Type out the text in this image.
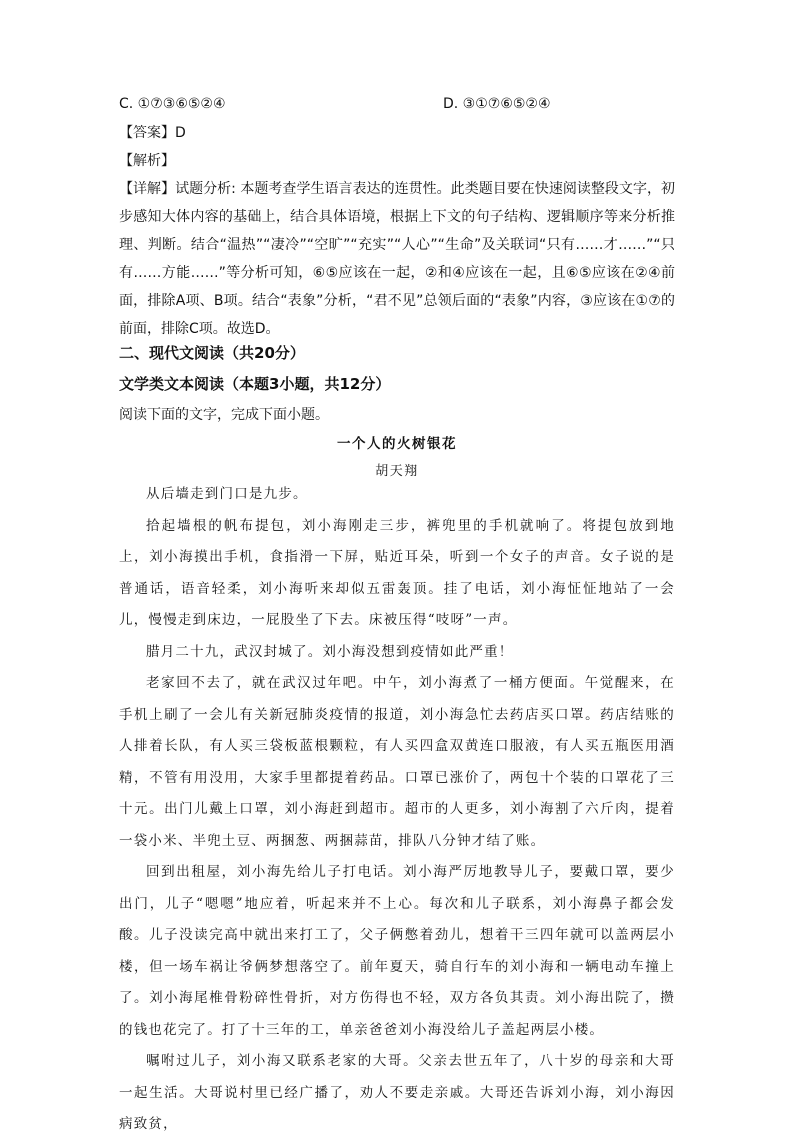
C. ①⑦③⑥⑤②④	D. ③①⑦⑥⑤②④
【答案】D
【解析】
【详解】试题分析: 本题考查学生语言表达的连贯性。此类题目要在快速阅读整段文字，初步感知大体内容的基础上，结合具体语境，根据上下文的句子结构、逻辑顺序等来分析推理、判断。结合“温热”“凄冷”“空旷”“充实”“人心”“生命”及关联词“只有……才……”“只有……方能……”等分析可知，⑥⑤应该在一起，②和④应该在一起，且⑥⑤应该在②④前面，排除A项、B项。结合“表象”分析，“君不见”总领后面的“表象”内容，③应该在①⑦的前面，排除C项。故选D。
二、现代文阅读（共20分）
文学类文本阅读（本题3小题，共12分）
阅读下面的文字，完成下面小题。
一个人的火树银花
胡天翔

从后墙走到门口是九步。

拾起墙根的帆布提包，刘小海刚走三步，裤兜里的手机就响了。将提包放到地上，刘小海摸出手机，食指滑一下屏，贴近耳朵，听到一个女子的声音。女子说的是普通话，语音轻柔，刘小海听来却似五雷轰顶。挂了电话，刘小海怔怔地站了一会儿，慢慢走到床边，一屁股坐了下去。床被压得“吱呀”一声。

腊月二十九，武汉封城了。刘小海没想到疫情如此严重！

老家回不去了，就在武汉过年吧。中午，刘小海煮了一桶方便面。午觉醒来，在手机上刷了一会儿有关新冠肺炎疫情的报道，刘小海急忙去药店买口罩。药店结账的人排着长队，有人买三袋板蓝根颗粒，有人买四盒双黄连口服液，有人买五瓶医用酒精，不管有用没用，大家手里都提着药品。口罩已涨价了，两包十个装的口罩花了三十元。出门儿戴上口罩，刘小海赶到超市。超市的人更多，刘小海割了六斤肉，提着一袋小米、半兜土豆、两捆葱、两捆蒜苗，排队八分钟才结了账。

回到出租屋，刘小海先给儿子打电话。刘小海严厉地教导儿子，要戴口罩，要少出门，儿子“嗯嗯”地应着，听起来并不上心。每次和儿子联系，刘小海鼻子都会发酸。儿子没读完高中就出来打工了，父子俩憋着劲儿，想着干三四年就可以盖两层小楼，但一场车祸让爷俩梦想落空了。前年夏天，骑自行车的刘小海和一辆电动车撞上了。刘小海尾椎骨粉碎性骨折，对方伤得也不轻，双方各负其责。刘小海出院了，攒的钱也花完了。打了十三年的工，单亲爸爸刘小海没给儿子盖起两层小楼。

嘱咐过儿子，刘小海又联系老家的大哥。父亲去世五年了，八十岁的母亲和大哥一起生活。大哥说村里已经广播了，劝人不要走亲戚。大哥还告诉刘小海，刘小海因病致贫，
